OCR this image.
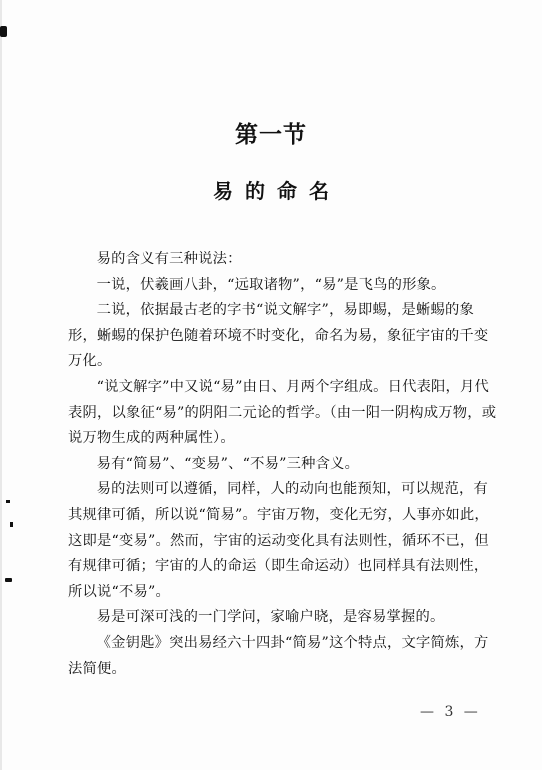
第一节
易的命名

易的含义有三种说法：

一说，伏羲画八卦，“远取诸物”，“易”是飞鸟的形象。

二说，依据最古老的字书“说文解字”，易即蜴，是蜥蜴的象形，蜥蜴的保护色随着环境不时变化，命名为易，象征宇宙的千变万化。

“说文解字”中又说“易”由日、月两个字组成。日代表阳，月代表阴，以象征“易”的阴阳二元论的哲学。（由一阳一阴构成万物，或说万物生成的两种属性）。

易有“简易”、“变易”、“不易”三种含义。

易的法则可以遵循，同样，人的动向也能预知，可以规范，有其规律可循，所以说“简易”。宇宙万物，变化无穷，人事亦如此，这即是“变易”。然而，宇宙的运动变化具有法则性，循环不已，但有规律可循；宇宙的人的命运（即生命运动）也同样具有法则性，所以说“不易”。

易是可深可浅的一门学问，家喻户晓，是容易掌握的。

《金钥匙》突出易经六十四卦“简易”这个特点，文字简炼，方法简便。

— 3 —
